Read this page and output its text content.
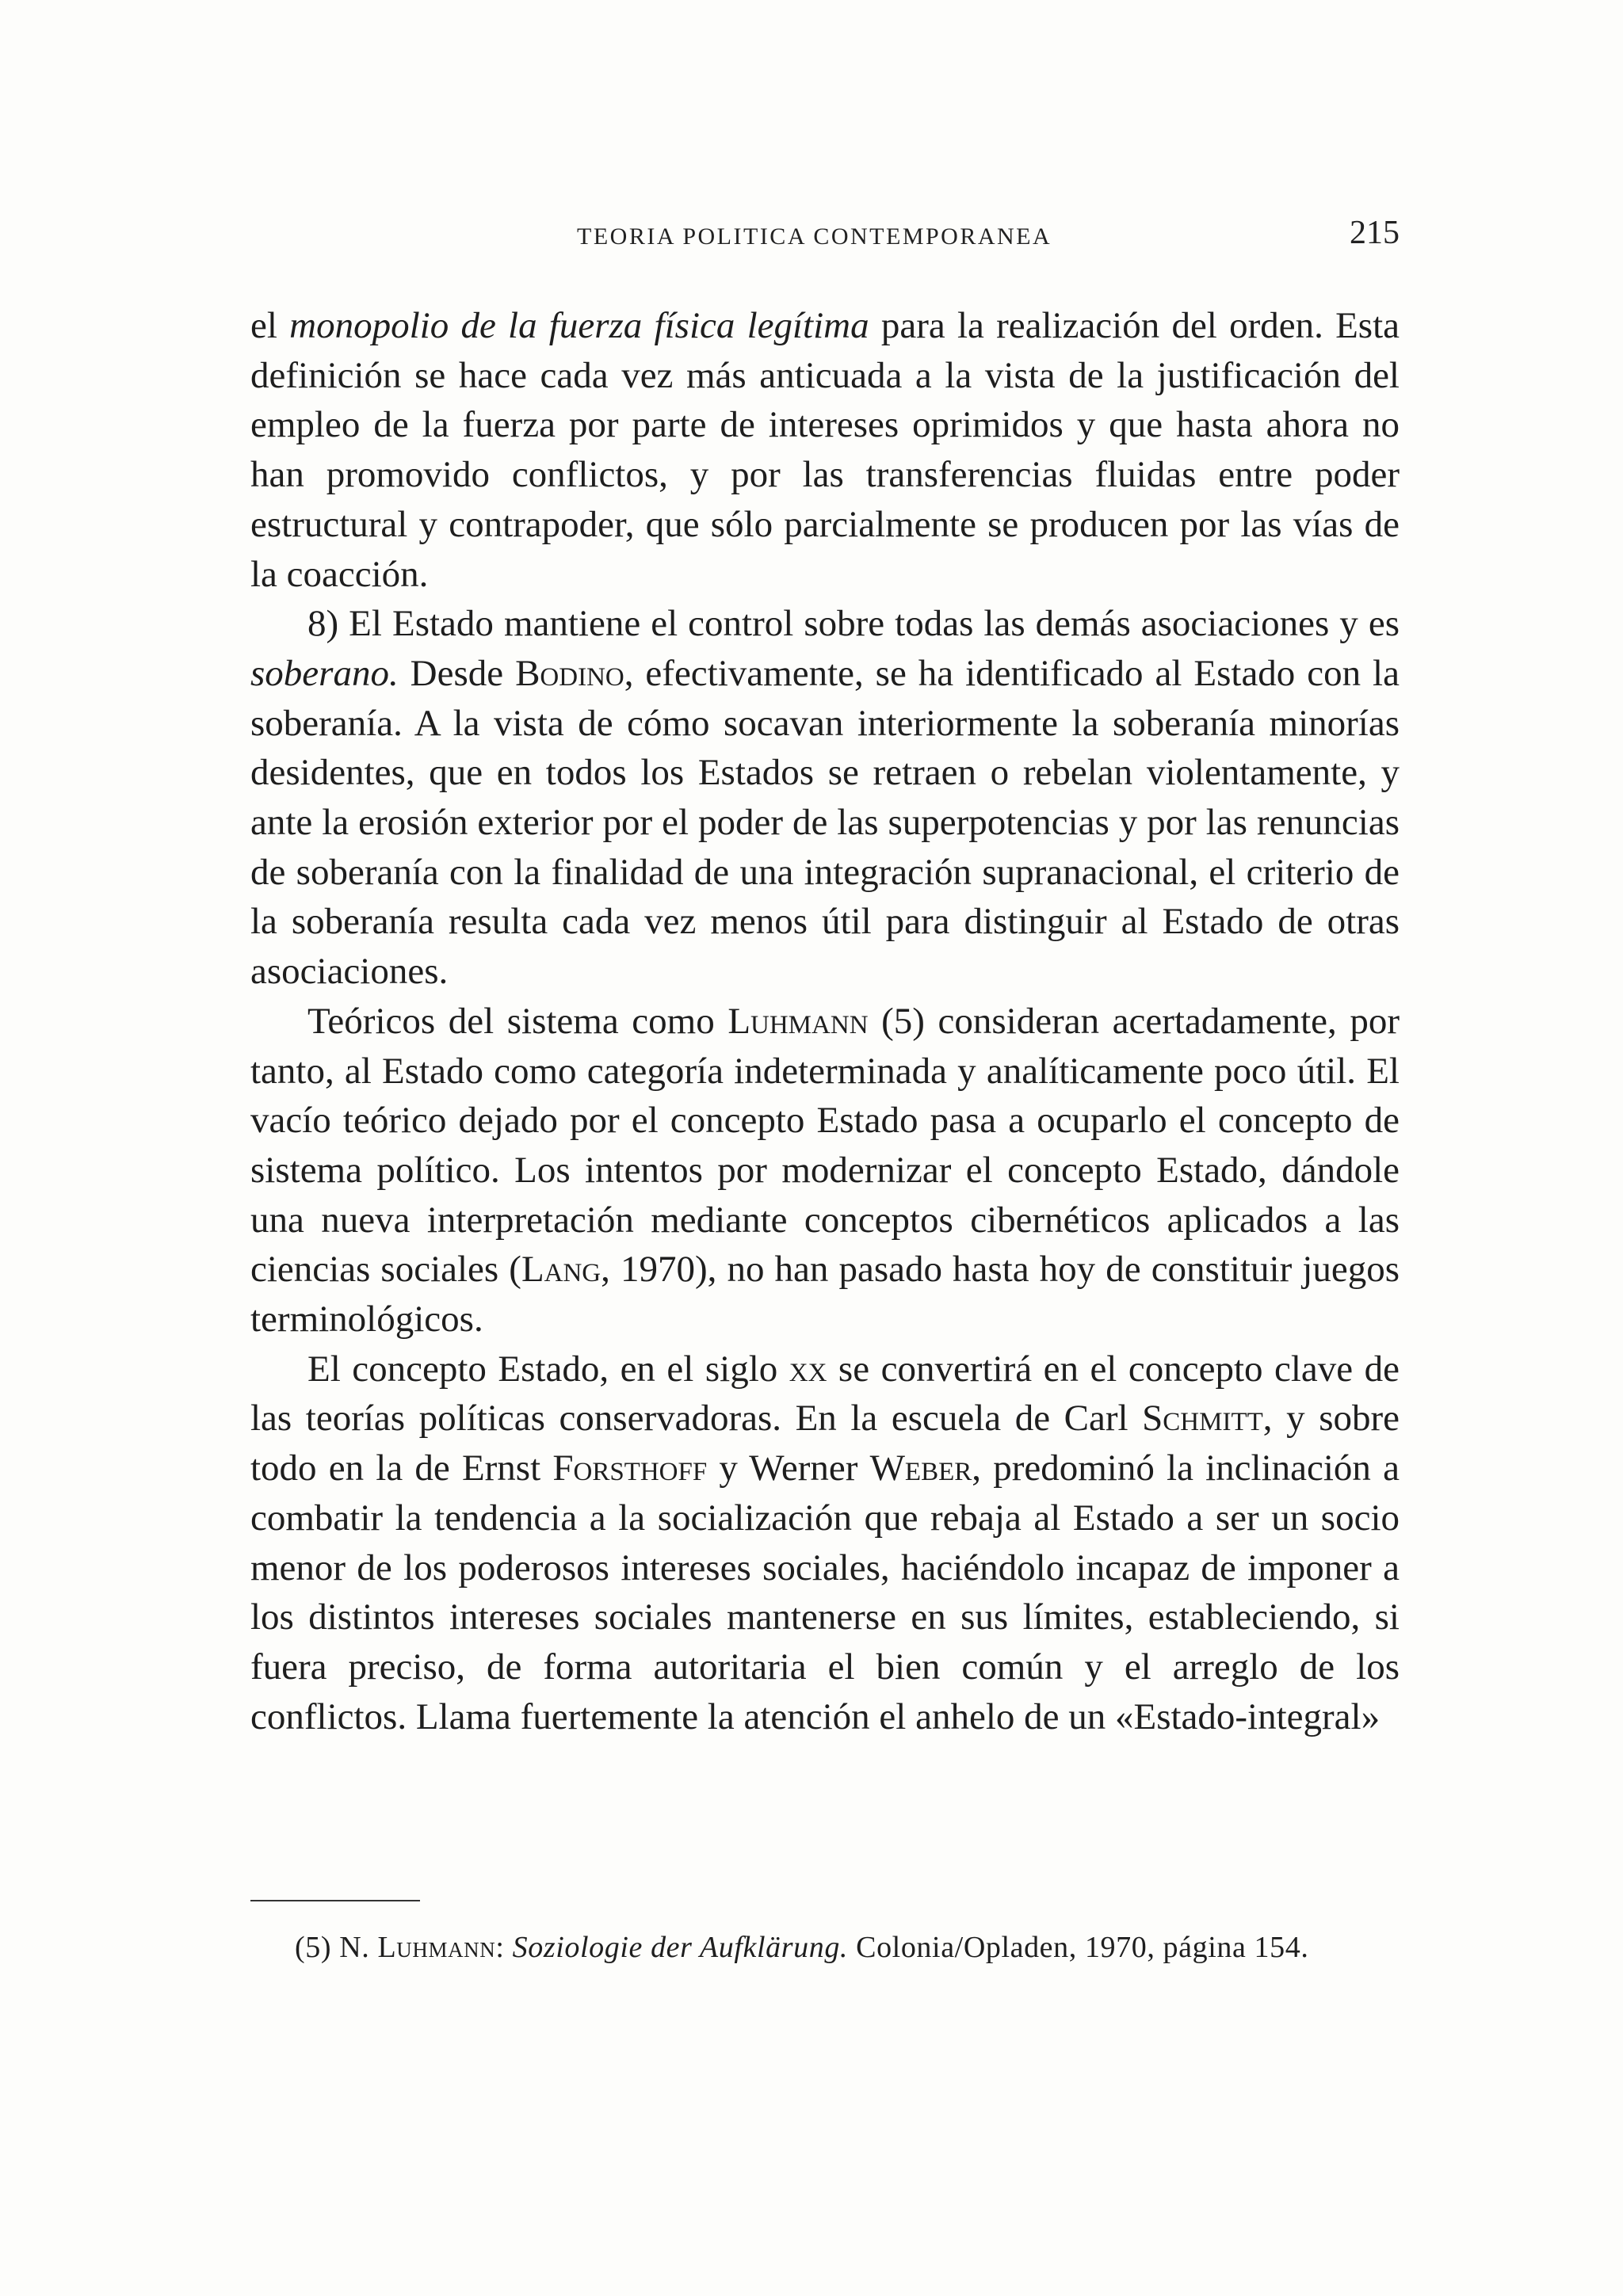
TEORIA POLITICA CONTEMPORANEA	215

el monopolio de la fuerza física legítima para la realización del orden. Esta definición se hace cada vez más anticuada a la vista de la justificación del empleo de la fuerza por parte de intereses oprimidos y que hasta ahora no han promovido conflictos, y por las transferencias fluidas entre poder estructural y contrapoder, que sólo parcialmente se producen por las vías de la coacción.

8) El Estado mantiene el control sobre todas las demás asociaciones y es soberano. Desde Bodino, efectivamente, se ha identificado al Estado con la soberanía. A la vista de cómo socavan interiormente la soberanía minorías desidentes, que en todos los Estados se retraen o rebelan violentamente, y ante la erosión exterior por el poder de las superpotencias y por las renuncias de soberanía con la finalidad de una integración supranacional, el criterio de la soberanía resulta cada vez menos útil para distinguir al Estado de otras asociaciones.

Teóricos del sistema como Luhmann (5) consideran acertadamente, por tanto, al Estado como categoría indeterminada y analíticamente poco útil. El vacío teórico dejado por el concepto Estado pasa a ocuparlo el concepto de sistema político. Los intentos por modernizar el concepto Estado, dándole una nueva interpretación mediante conceptos cibernéticos aplicados a las ciencias sociales (Lang, 1970), no han pasado hasta hoy de constituir juegos terminológicos.

El concepto Estado, en el siglo xx se convertirá en el concepto clave de las teorías políticas conservadoras. En la escuela de Carl Schmitt, y sobre todo en la de Ernst Forsthoff y Werner Weber, predominó la inclinación a combatir la tendencia a la socialización que rebaja al Estado a ser un socio menor de los poderosos intereses sociales, haciéndolo incapaz de imponer a los distintos intereses sociales mantenerse en sus límites, estableciendo, si fuera preciso, de forma autoritaria el bien común y el arreglo de los conflictos. Llama fuertemente la atención el anhelo de un «Estado-integral»

(5) N. Luhmann: Soziologie der Aufklärung. Colonia/Opladen, 1970, página 154.
